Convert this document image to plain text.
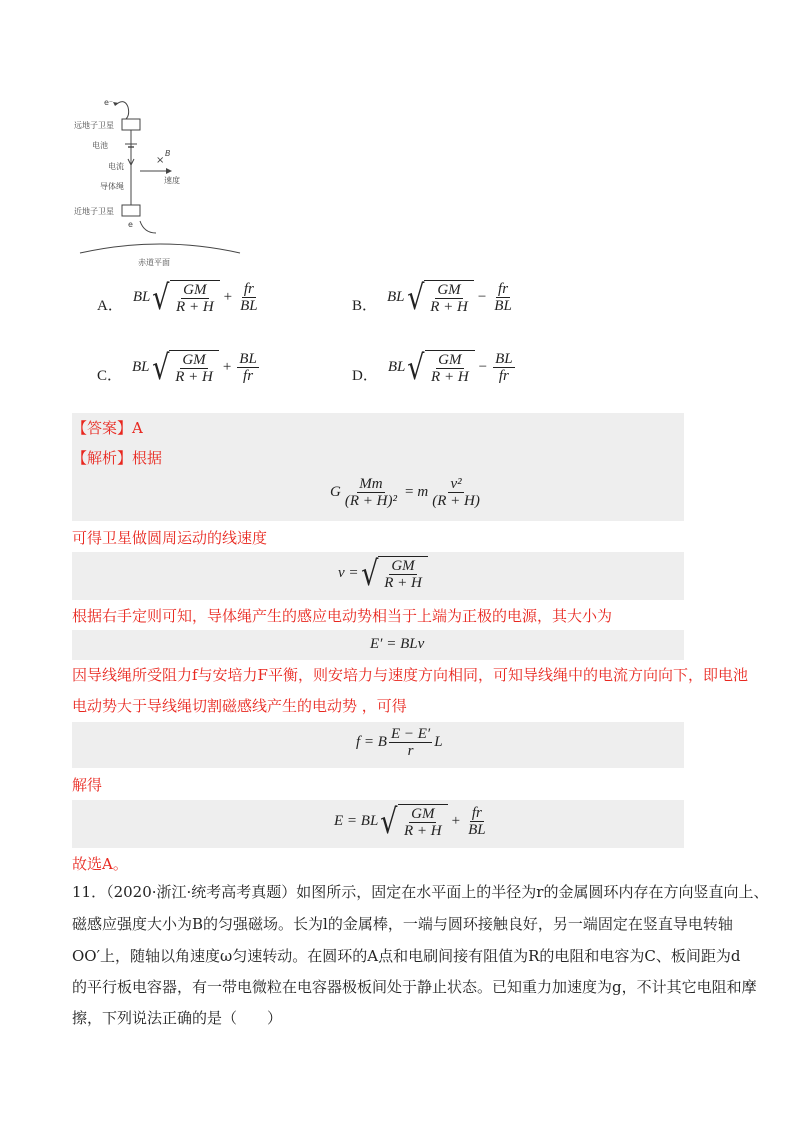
e⁻
远地子卫星
电池
电流
×
B
速度
导体绳
近地子卫星
e
赤道平面
A．
BL √ $\frac{GM}{R + H} + \frac{fr}{BL}$	B．
BL √ $\frac{GM}{R + H} - \frac{fr}{BL}$
C．
BL √ $\frac{GM}{R + H} + \frac{BL}{fr}$	D．
BL √ $\frac{GM}{R + H} - \frac{BL}{fr}$
【答案】A
【解析】根据
G $\frac{Mm}{\text{(R + H)²}} = m \frac{\text{v²}}{(R + H)}$
可得卫星做圆周运动的线速度
v = √ $\frac{GM}{R + H}$
根据右手定则可知，导体绳产生的感应电动势相当于上端为正极的电源，其大小为
E′ = BLv
因导线绳所受阻力f与安培力F平衡，则安培力与速度方向相同，可知导线绳中的电流方向向下，即电池
电动势大于导线绳切割磁感线产生的电动势 ，可得
f = B $\frac{E - E'}{r}$ L
解得
E = BL √ $\frac{GM}{R + H} + \frac{fr}{BL}$
故选A。
11．（2020·浙江·统考高考真题）如图所示，固定在水平面上的半径为r的金属圆环内存在方向竖直向上、
磁感应强度大小为B的匀强磁场。长为l的金属棒，一端与圆环接触良好，另一端固定在竖直导电转轴
OO′上，随轴以角速度ω匀速转动。在圆环的A点和电刷间接有阻值为R的电阻和电容为C、板间距为d
的平行板电容器，有一带电微粒在电容器极板间处于静止状态。已知重力加速度为g，不计其它电阻和摩
擦，下列说法正确的是（　　）
